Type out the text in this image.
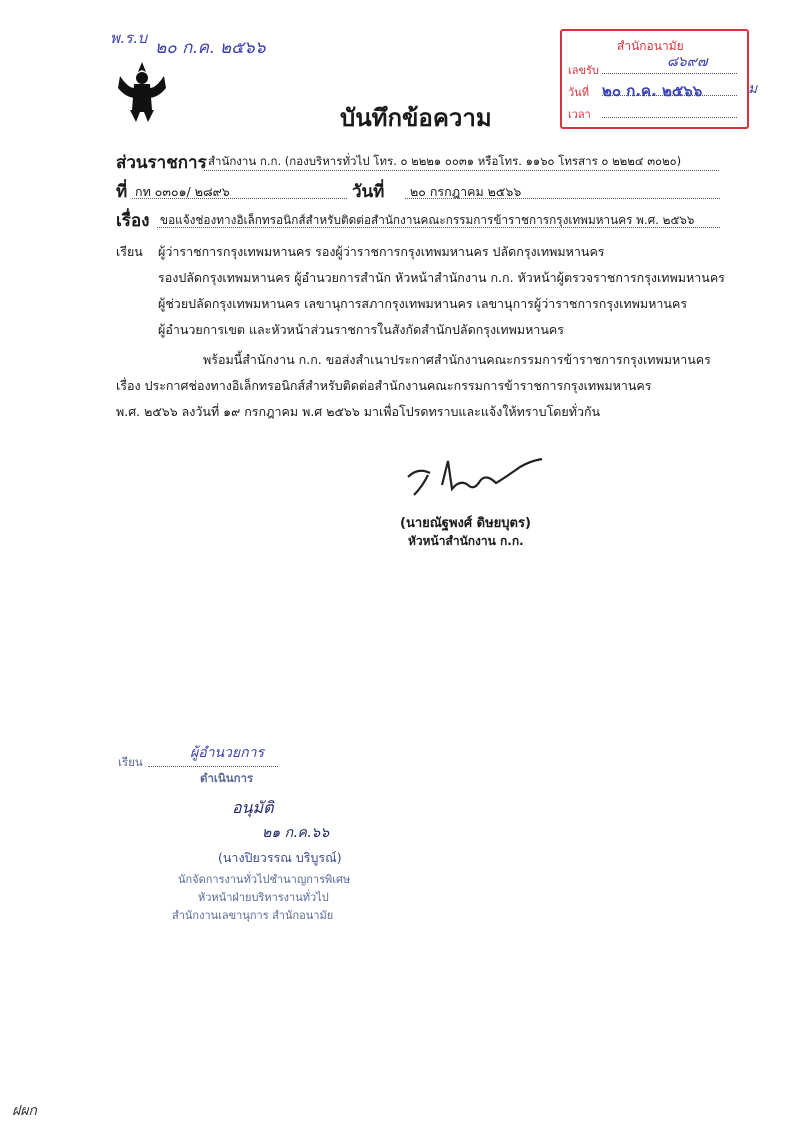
พ.ร.บ ๒๐ ก.ค. ๒๕๖๖	สำนักอนามัย
เลขรับ
๘๖๙๗
วันที่ ๒๐ ก.ค. ๒๕๖๖
เวลา
ม
บันทึกข้อความ
ส่วนราชการ สำนักงาน ก.ก. (กองบริหารทั่วไป โทร. ๐ ๒๒๒๑ ๐๐๓๑ หรือโทร. ๑๑๖๐ โทรสาร ๐ ๒๒๒๔ ๓๐๒๐)
ที่ กท ๐๓๐๑/ ๒๘๙๖	วันที่ ๒๐ กรกฎาคม ๒๕๖๖
เรื่อง ขอแจ้งช่องทางอิเล็กทรอนิกส์สำหรับติดต่อสำนักงานคณะกรรมการข้าราชการกรุงเทพมหานคร พ.ศ. ๒๕๖๖
เรียน ผู้ว่าราชการกรุงเทพมหานคร รองผู้ว่าราชการกรุงเทพมหานคร ปลัดกรุงเทพมหานคร
รองปลัดกรุงเทพมหานคร ผู้อำนวยการสำนัก หัวหน้าสำนักงาน ก.ก. หัวหน้าผู้ตรวจราชการกรุงเทพมหานคร
ผู้ช่วยปลัดกรุงเทพมหานคร เลขานุการสภากรุงเทพมหานคร เลขานุการผู้ว่าราชการกรุงเทพมหานคร
ผู้อำนวยการเขต และหัวหน้าส่วนราชการในสังกัดสำนักปลัดกรุงเทพมหานคร
พร้อมนี้สำนักงาน ก.ก. ขอส่งสำเนาประกาศสำนักงานคณะกรรมการข้าราชการกรุงเทพมหานคร
เรื่อง ประกาศช่องทางอิเล็กทรอนิกส์สำหรับติดต่อสำนักงานคณะกรรมการข้าราชการกรุงเทพมหานคร
พ.ศ. ๒๕๖๖ ลงวันที่ ๑๙ กรกฎาคม พ.ศ ๒๕๖๖ มาเพื่อโปรดทราบและแจ้งให้ทราบโดยทั่วกัน
(นายณัฐพงศ์ ดิษยบุตร)
หัวหน้าสำนักงาน ก.ก.
เรียน
ผู้อำนวยการ
ดำเนินการ
อนุมัติ
๒๑ ก.ค.๖๖
(นางปิยวรรณ บริบูรณ์)
นักจัดการงานทั่วไปชำนาญการพิเศษ
หัวหน้าฝ่ายบริหารงานทั่วไป
สำนักงานเลขานุการ สำนักอนามัย
ฝผก
